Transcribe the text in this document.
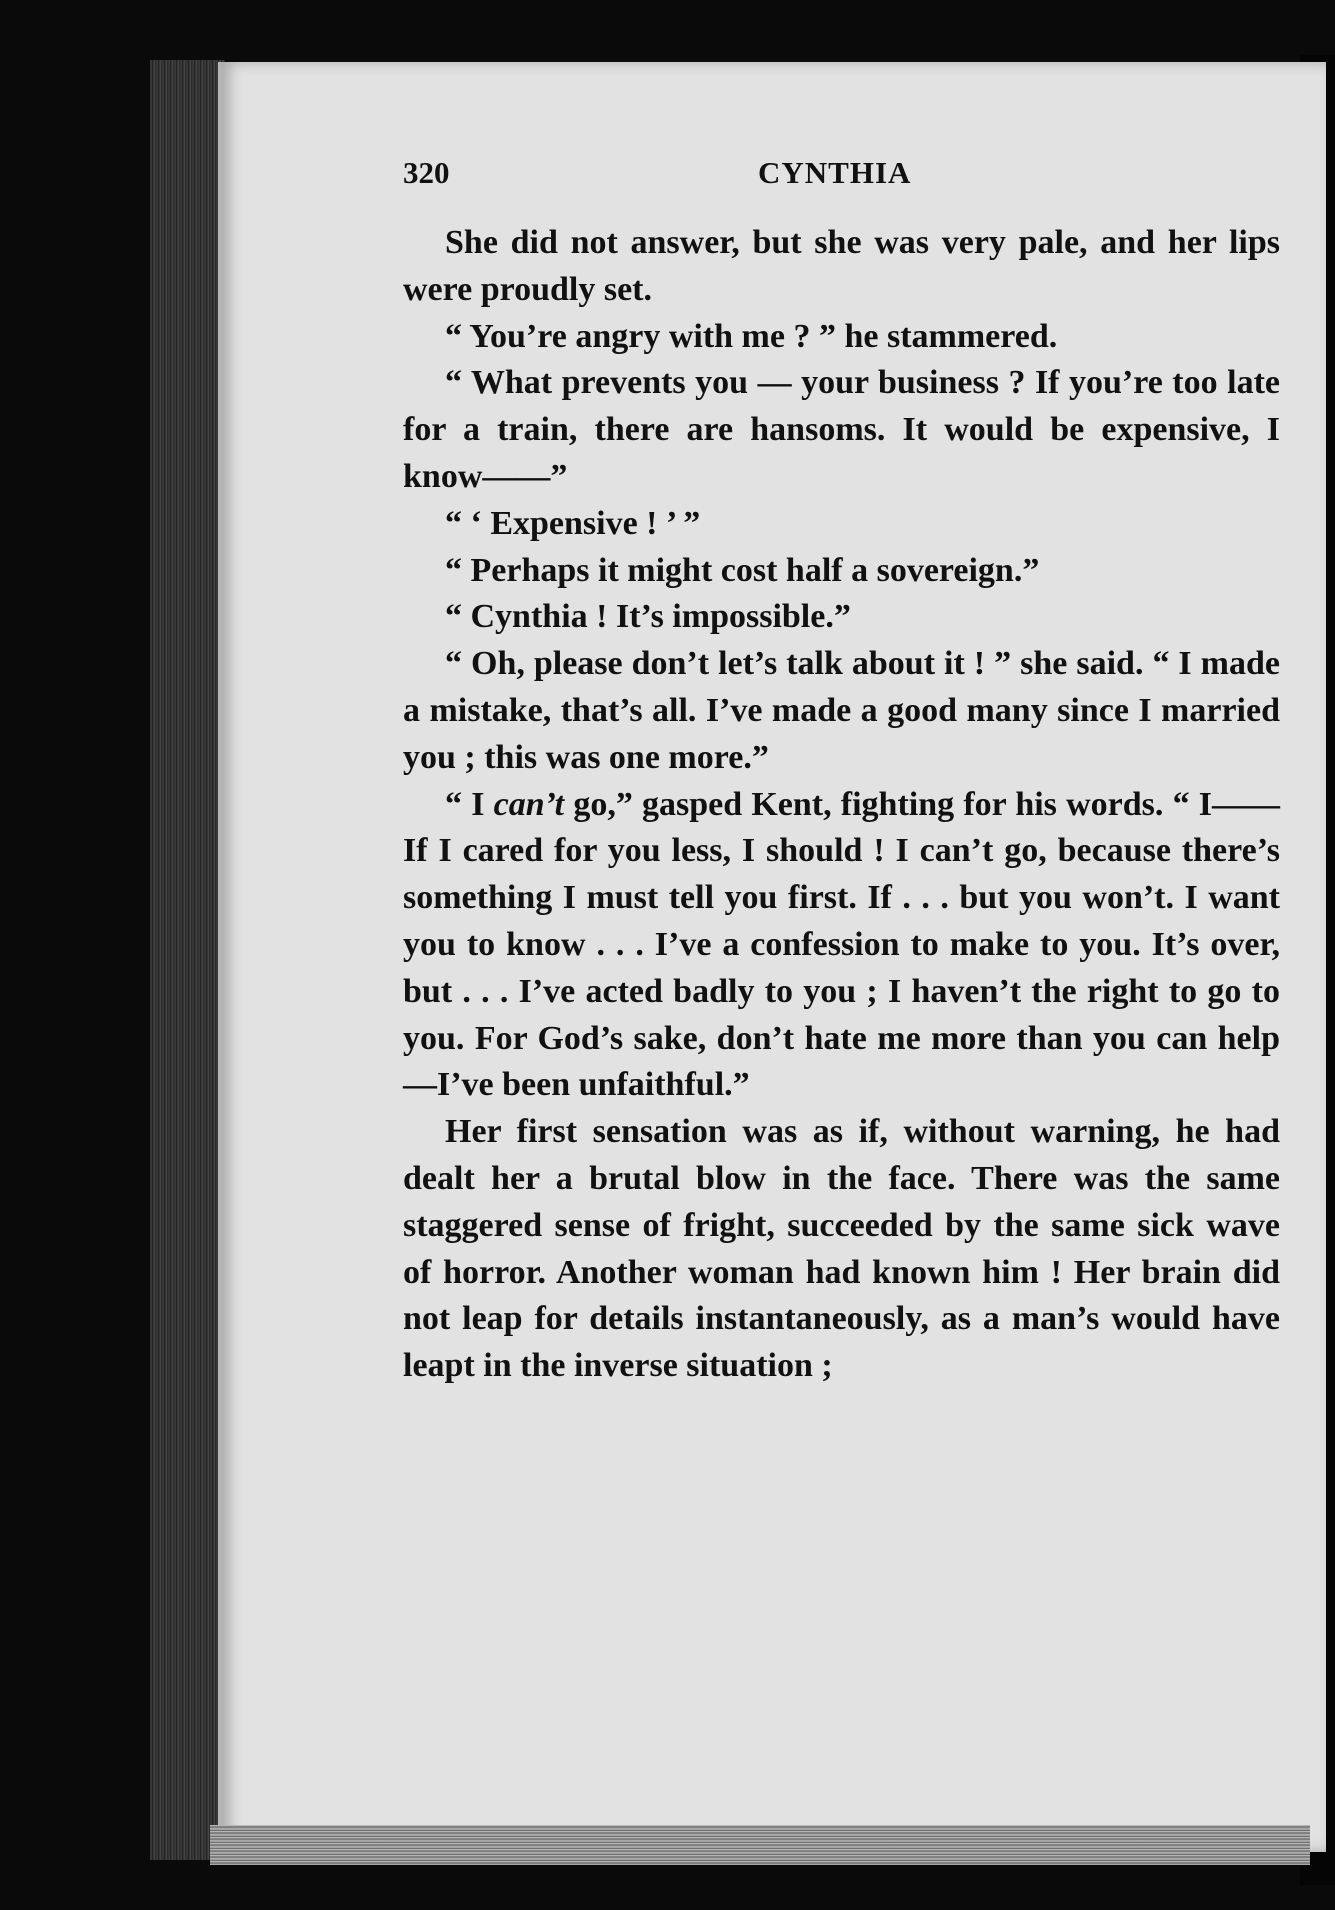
320	CYNTHIA

She did not answer, but she was very pale, and her lips were proudly set.

“ You’re angry with me ? ” he stammered.

“ What prevents you — your business ? If you’re too late for a train, there are hansoms. It would be expensive, I know——”

“ ‘ Expensive ! ’ ”

“ Perhaps it might cost half a sovereign.”

“ Cynthia ! It’s impossible.”

“ Oh, please don’t let’s talk about it ! ” she said. “ I made a mistake, that’s all. I’ve made a good many since I married you ; this was one more.”

“ I can’t go,” gasped Kent, fighting for his words. “ I—— If I cared for you less, I should ! I can’t go, because there’s something I must tell you first. If . . . but you won’t. I want you to know . . . I’ve a confession to make to you. It’s over, but . . . I’ve acted badly to you ; I haven’t the right to go to you. For God’s sake, don’t hate me more than you can help—I’ve been unfaithful.”

Her first sensation was as if, without warning, he had dealt her a brutal blow in the face. There was the same staggered sense of fright, succeeded by the same sick wave of horror. Another woman had known him ! Her brain did not leap for details instantaneously, as a man’s would have leapt in the inverse situation ;
